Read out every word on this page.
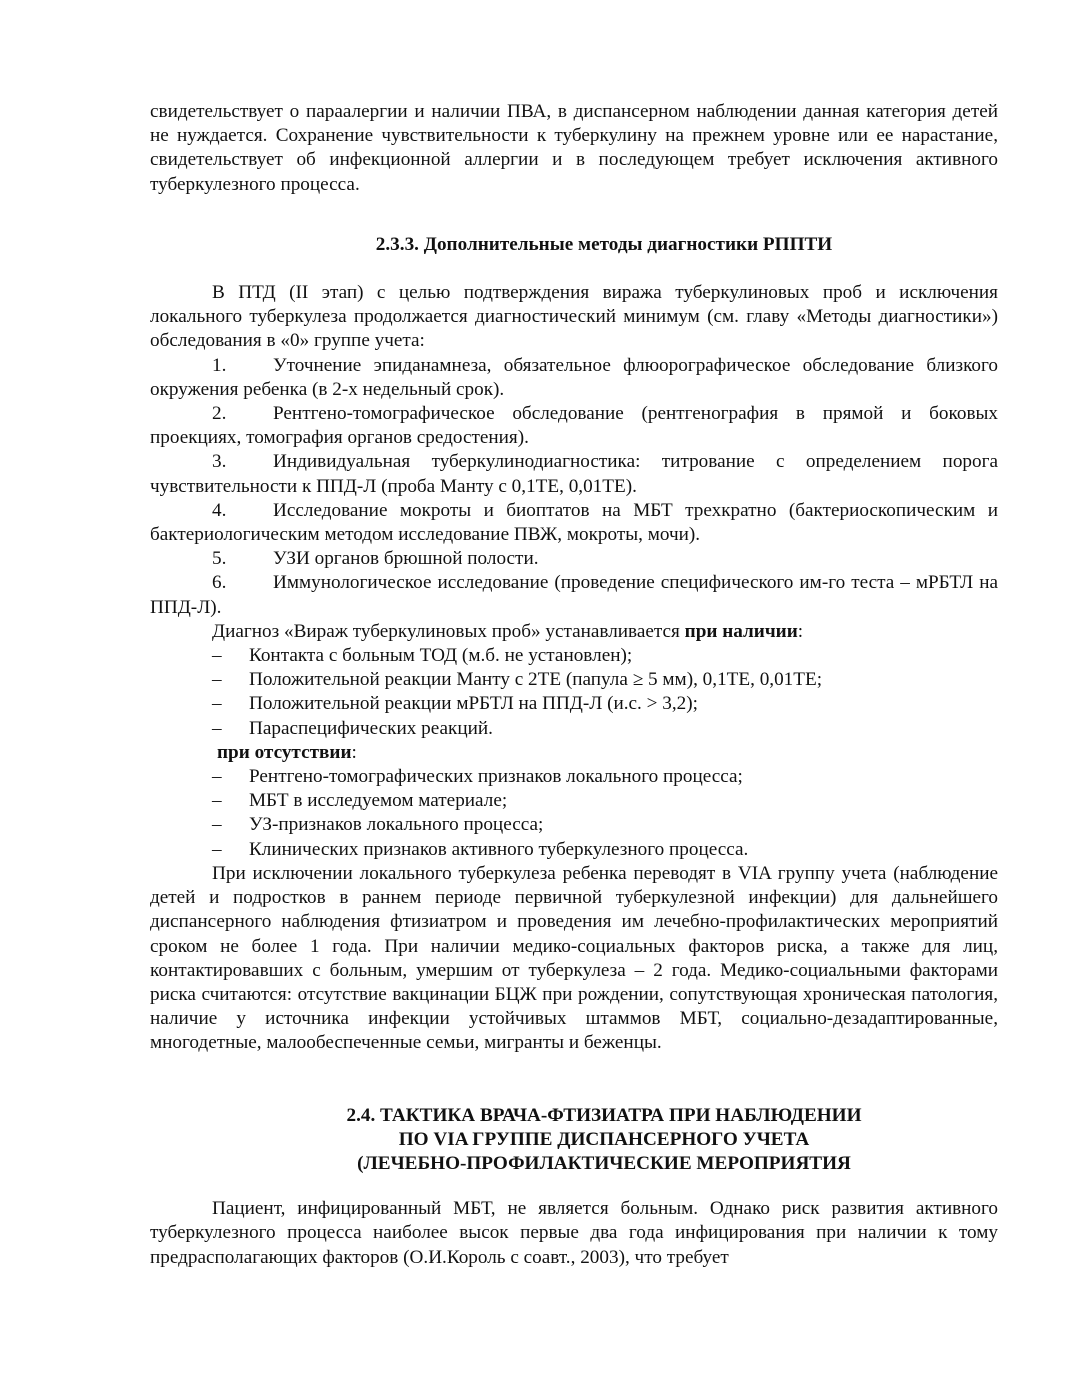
свидетельствует о параалергии и наличии ПВА, в диспансерном наблюдении данная категория детей не нуждается. Сохранение чувствительности к туберкулину на прежнем уровне или ее нарастание, свидетельствует об инфекционной аллергии и в последующем требует исключения активного туберкулезного процесса.

2.3.3. Дополнительные методы диагностики РППТИ

В ПТД (II этап) с целью подтверждения виража туберкулиновых проб и исключения локального туберкулеза продолжается диагностический минимум (см. главу «Методы диагностики») обследования в «0» группе учета:

1. Уточнение эпиданамнеза, обязательное флюорографическое обследование близкого окружения ребенка (в 2-х недельный срок).

2. Рентгено-томографическое обследование (рентгенография в прямой и боковых проекциях, томография органов средостения).

3. Индивидуальная туберкулинодиагностика: титрование с определением порога чувствительности к ППД-Л (проба Манту с 0,1ТЕ, 0,01ТЕ).

4. Исследование мокроты и биоптатов на МБТ трехкратно (бактериоскопическим и бактериологическим методом исследование ПВЖ, мокроты, мочи).

5. УЗИ органов брюшной полости.

6. Иммунологическое исследование (проведение специфического им-го теста – мРБТЛ на ППД-Л).

Диагноз «Вираж туберкулиновых проб» устанавливается при наличии:

– Контакта с больным ТОД (м.б. не установлен);

– Положительной реакции Манту с 2ТЕ (папула ≥ 5 мм), 0,1ТЕ, 0,01ТЕ;

– Положительной реакции мРБТЛ на ППД-Л (и.с. > 3,2);

– Параспецифических реакций.

при отсутствии:

– Рентгено-томографических признаков локального процесса;

– МБТ в исследуемом материале;

– УЗ-признаков локального процесса;

– Клинических признаков активного туберкулезного процесса.

При исключении локального туберкулеза ребенка переводят в VIA группу учета (наблюдение детей и подростков в раннем периоде первичной туберкулезной инфекции) для дальнейшего диспансерного наблюдения фтизиатром и проведения им лечебно-профилактических мероприятий сроком не более 1 года. При наличии медико-социальных факторов риска, а также для лиц, контактировавших с больным, умершим от туберкулеза – 2 года. Медико-социальными факторами риска считаются: отсутствие вакцинации БЦЖ при рождении, сопутствующая хроническая патология, наличие у источника инфекции устойчивых штаммов МБТ, социально-дезадаптированные, многодетные, малообеспеченные семьи, мигранты и беженцы.

2.4. ТАКТИКА ВРАЧА-ФТИЗИАТРА ПРИ НАБЛЮДЕНИИ
ПО VIA ГРУППЕ ДИСПАНСЕРНОГО УЧЕТА
(ЛЕЧЕБНО-ПРОФИЛАКТИЧЕСКИЕ МЕРОПРИЯТИЯ

Пациент, инфицированный МБТ, не является больным. Однако риск развития активного туберкулезного процесса наиболее высок первые два года инфицирования при наличии к тому предрасполагающих факторов (О.И.Король с соавт., 2003), что требует
